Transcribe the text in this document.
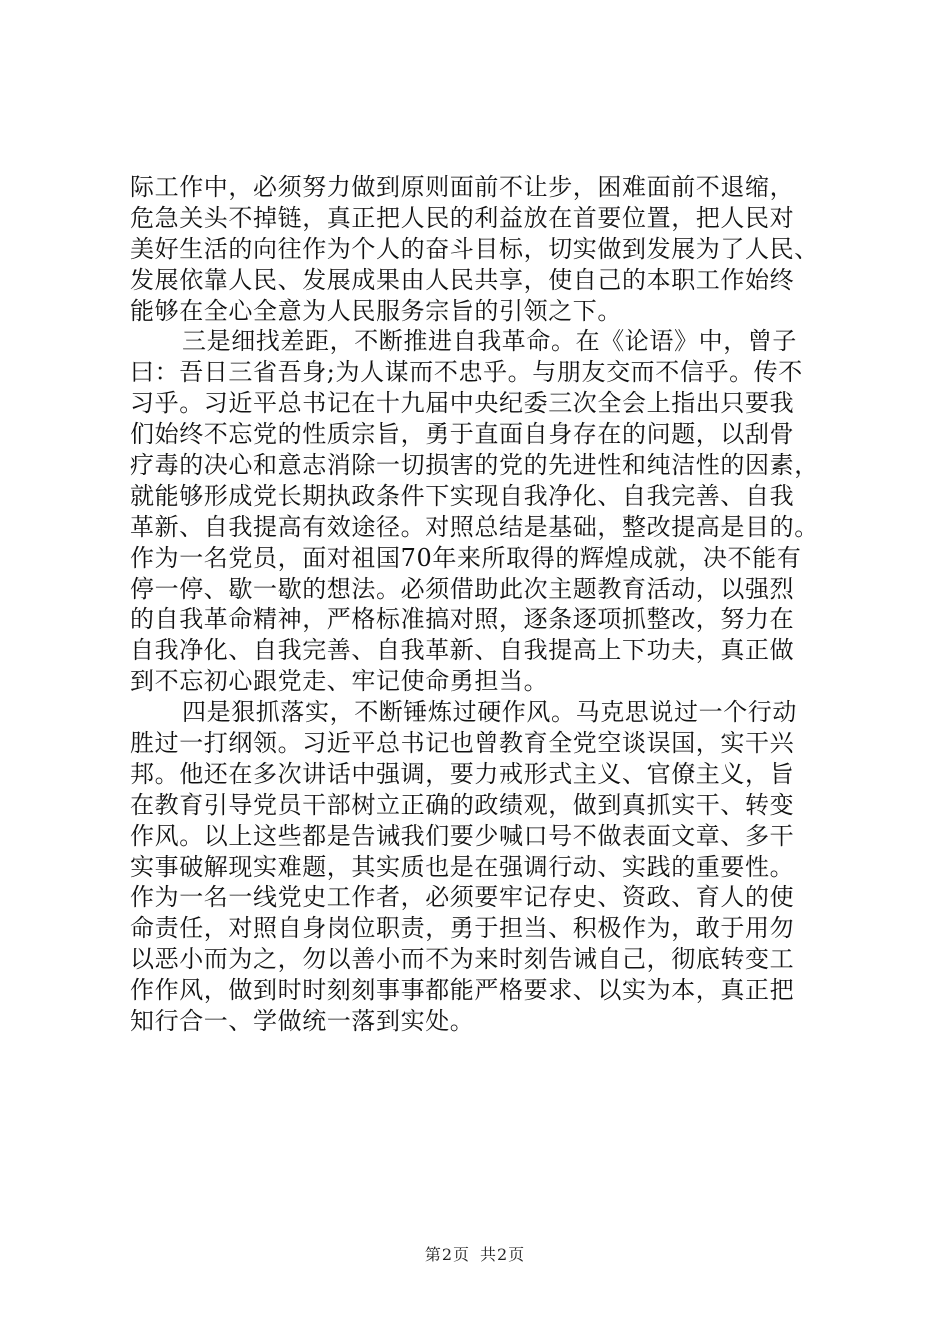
际工作中，必须努力做到原则面前不让步，困难面前不退缩，
危急关头不掉链，真正把人民的利益放在首要位置，把人民对
美好生活的向往作为个人的奋斗目标，切实做到发展为了人民、
发展依靠人民、发展成果由人民共享，使自己的本职工作始终
能够在全心全意为人民服务宗旨的引领之下。
三是细找差距，不断推进自我革命。在《论语》中，曾子
曰：吾日三省吾身;为人谋而不忠乎。与朋友交而不信乎。传不
习乎。习近平总书记在十九届中央纪委三次全会上指出只要我
们始终不忘党的性质宗旨，勇于直面自身存在的问题，以刮骨
疗毒的决心和意志消除一切损害的党的先进性和纯洁性的因素，
就能够形成党长期执政条件下实现自我净化、自我完善、自我
革新、自我提高有效途径。对照总结是基础，整改提高是目的。
作为一名党员，面对祖国70年来所取得的辉煌成就，决不能有
停一停、歇一歇的想法。必须借助此次主题教育活动，以强烈
的自我革命精神，严格标准搞对照，逐条逐项抓整改，努力在
自我净化、自我完善、自我革新、自我提高上下功夫，真正做
到不忘初心跟党走、牢记使命勇担当。
四是狠抓落实，不断锤炼过硬作风。马克思说过一个行动
胜过一打纲领。习近平总书记也曾教育全党空谈误国，实干兴
邦。他还在多次讲话中强调，要力戒形式主义、官僚主义，旨
在教育引导党员干部树立正确的政绩观，做到真抓实干、转变
作风。以上这些都是告诫我们要少喊口号不做表面文章、多干
实事破解现实难题，其实质也是在强调行动、实践的重要性。
作为一名一线党史工作者，必须要牢记存史、资政、育人的使
命责任，对照自身岗位职责，勇于担当、积极作为，敢于用勿
以恶小而为之，勿以善小而不为来时刻告诫自己，彻底转变工
作作风，做到时时刻刻事事都能严格要求、以实为本，真正把
知行合一、学做统一落到实处。
第2页 共2页
